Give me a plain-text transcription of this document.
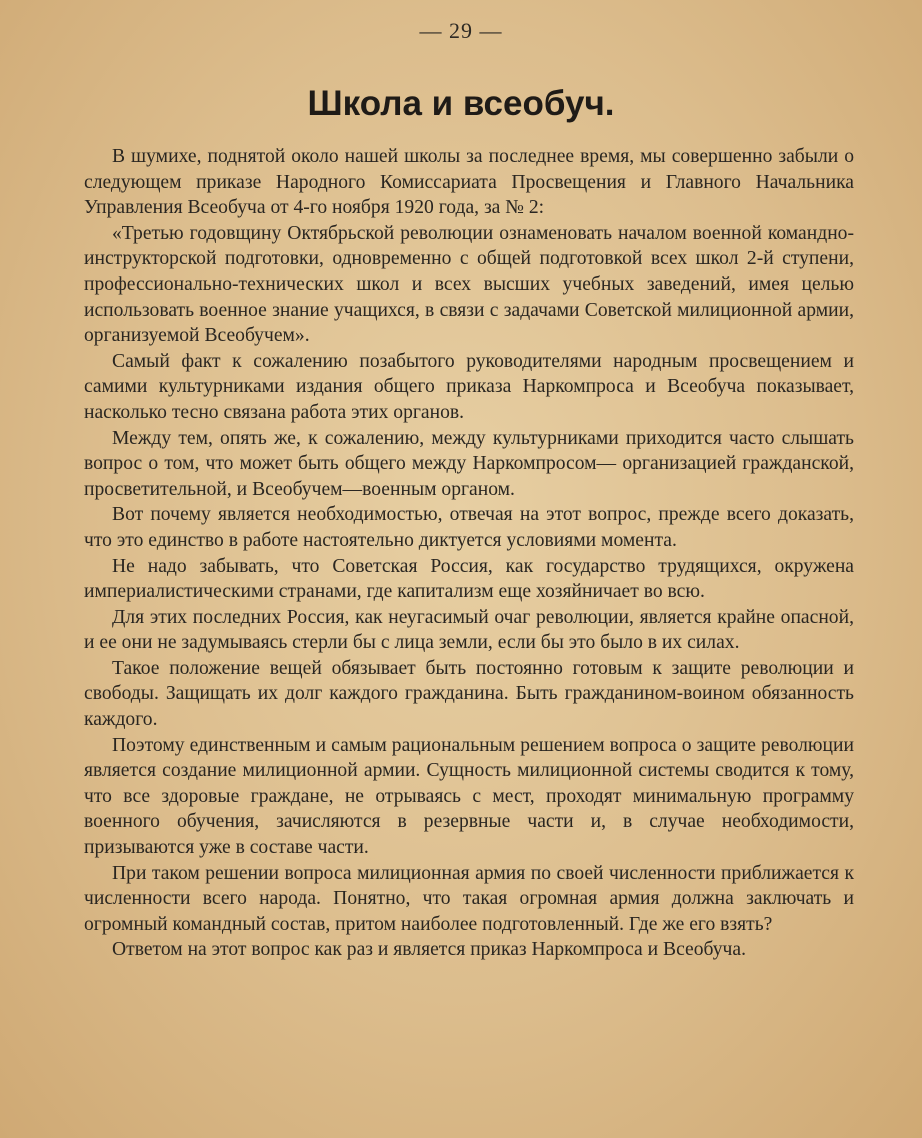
— 29 —
Школа и всеобуч.

В шумихе, поднятой около нашей школы за последнее время, мы совершенно забыли о следующем приказе Народного Комиссариата Просвещения и Главного Начальника Управления Всеобуча от 4-го ноября 1920 года, за № 2:

«Третью годовщину Октябрьской революции ознаменовать началом военной командно-инструкторской подготовки, одновременно с общей подготовкой всех школ 2-й ступени, профессионально-технических школ и всех высших учебных заведений, имея целью использовать военное знание учащихся, в связи с задачами Советской милиционной армии, организуемой Всеобучем».

Самый факт к сожалению позабытого руководителями народным просвещением и самими культурниками издания общего приказа Наркомпроса и Всеобуча показывает, насколько тесно связана работа этих органов.

Между тем, опять же, к сожалению, между культурниками приходится часто слышать вопрос о том, что может быть общего между Наркомпросом— организацией гражданской, просветительной, и Всеобучем—военным органом.

Вот почему является необходимостью, отвечая на этот вопрос, прежде всего доказать, что это единство в работе настоятельно диктуется условиями момента.

Не надо забывать, что Советская Россия, как государство трудящихся, окружена империалистическими странами, где капитализм еще хозяйничает во всю.

Для этих последних Россия, как неугасимый очаг революции, является крайне опасной, и ее они не задумываясь стерли бы с лица земли, если бы это было в их силах.

Такое положение вещей обязывает быть постоянно готовым к защите революции и свободы. Защищать их долг каждого гражданина. Быть гражданином-воином обязанность каждого.

Поэтому единственным и самым рациональным решением вопроса о защите революции является создание милиционной армии. Сущность милиционной системы сводится к тому, что все здоровые граждане, не отрываясь с мест, проходят минимальную программу военного обучения, зачисляются в резервные части и, в случае необходимости, призываются уже в составе части.

При таком решении вопроса милиционная армия по своей численности приближается к численности всего народа. Понятно, что такая огромная армия должна заключать и огромный командный состав, притом наиболее подготовленный. Где же его взять?

Ответом на этот вопрос как раз и является приказ Наркомпроса и Всеобуча.
